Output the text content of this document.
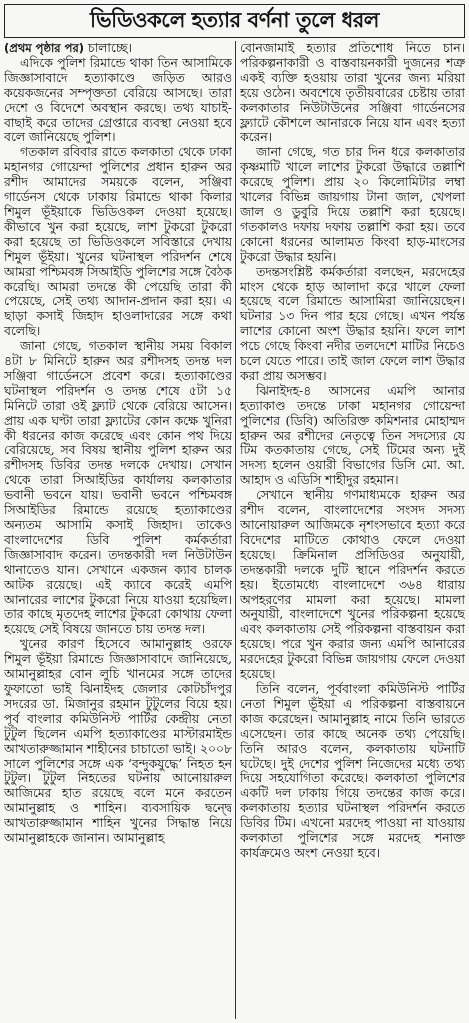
ভিডিওকলে হত্যার বর্ণনা তুলে ধরল

(প্রথম পৃষ্ঠার পর) চালাচ্ছে।

এদিকে পুলিশ রিমান্ডে থাকা তিন আসামিকে জিজ্ঞাসাবাদে হত্যাকাণ্ডে জড়িত আরও কয়েকজনের সম্পৃক্ততা বেরিয়ে আসছে। তারা দেশে ও বিদেশে অবস্থান করছে। তথ্য যাচাই-বাছাই করে তাদের গ্রেপ্তারে ব্যবস্থা নেওয়া হবে বলে জানিয়েছে পুলিশ।

গতকাল রবিবার রাতে কলকাতা থেকে ঢাকা মহানগর গোয়েন্দা পুলিশের প্রধান হারুন অর রশীদ আমাদের সময়কে বলেন, সঞ্জিবা গার্ডেনস থেকে ঢাকায় রিমান্ডে থাকা কিলার শিমুল ভূঁইয়াকে ভিডিওকল দেওয়া হয়েছে। কীভাবে খুন করা হয়েছে, লাশ টুকরো টুকরো করা হয়েছে তা ভিডিওকলে সবিস্তারে দেখায় শিমুল ভূঁইয়া। খুনের ঘটনাস্থল পরিদর্শন শেষে আমরা পশ্চিমবঙ্গ সিআইডি পুলিশের সঙ্গে বৈঠক করেছি। আমরা তদন্তে কী পেয়েছি তারা কী পেয়েছে, সেই তথ্য আদান-প্রদান করা হয়। এ ছাড়া কসাই জিহাদ হাওলাদারের সঙ্গে কথা বলেছি।

জানা গেছে, গতকাল স্থানীয় সময় বিকাল ৪টা ৮ মিনিটে হারুন অর রশীদসহ তদন্ত দল সঞ্জিবা গার্ডেনসে প্রবেশ করে। হত্যাকাণ্ডের ঘটনাস্থল পরিদর্শন ও তদন্ত শেষে ৫টা ১৫ মিনিটে তারা ওই ফ্ল্যাট থেকে বেরিয়ে আসেন। প্রায় এক ঘণ্টা তারা ফ্ল্যাটের কোন কক্ষে খুনিরা কী ধরনের কাজ করেছে এবং কোন পথ দিয়ে বেরিয়েছে, সব বিষয় স্থানীয় পুলিশ হারুন অর রশীদসহ ডিবির তদন্ত দলকে দেখায়। সেখান থেকে তারা সিআইডির কার্যালয় কলকাতার ভবানী ভবনে যায়। ভবানী ভবনে পশ্চিমবঙ্গ সিআইডির রিমান্ডে রয়েছে হত্যাকাণ্ডের অন্যতম আসামি কসাই জিহাদ। তাকেও বাংলাদেশের ডিবি পুলিশ কর্মকর্তারা জিজ্ঞাসাবাদ করেন। তদন্তকারী দল নিউটাউন থানাতেও যান। সেখানে একজন ক্যাব চালক আটক রয়েছে। এই ক্যাবে করেই এমপি আনারের লাশের টুকরো নিয়ে যাওয়া হয়েছিল। তার কাছে মৃতদেহ লাশের টুকরো কোথায় ফেলা হয়েছে সেই বিষয়ে জানতে চায় তদন্ত দল।

খুনের কারণ হিসেবে আমানুল্লাহ ওরফে শিমুল ভূঁইয়া রিমান্ডে জিজ্ঞাসাবাদে জানিয়েছে, আমানুল্লাহর বোন লুচি খানমের সঙ্গে তাদের ফুফাতো ভাই ঝিনাইদহ জেলার কোটচাঁদপুর সদরের ডা. মিজানুর রহমান টুটুলের বিয়ে হয়। পূর্ব বাংলার কমিউনিস্ট পার্টির কেন্দ্রীয় নেতা টুটুল ছিলেন এমপি হত্যাকাণ্ডের মাস্টারমাইন্ড আখতারুজ্জামান শাহীনের চাচাতো ভাই। ২০০৮ সালে পুলিশের সঙ্গে এক ‘বন্দুকযুদ্ধে’ নিহত হন টুটুল। টুটুল নিহতের ঘটনায় আনোয়ারুল আজিমের হাত রয়েছে বলে মনে করতেন আমানুল্লাহ ও শাহিন। ব্যবসায়িক দ্বন্দ্বে আখতারুজ্জামান শাহিন খুনের সিদ্ধান্ত নিয়ে আমানুল্লাহকে জানান। আমানুল্লাহ

বোনজামাই হত্যার প্রতিশোধ নিতে চান। পরিকল্পনাকারী ও বাস্তবায়নকারী দুজনের শত্রু একই ব্যক্তি হওয়ায় তারা খুনের জন্য মরিয়া হয়ে ওঠেন। অবশেষে তৃতীয়বারের চেষ্টায় তারা কলকাতার নিউটাউনের সঞ্জিবা গার্ডেনসের ফ্ল্যাটে কৌশলে আনারকে নিয়ে যান এবং হত্যা করেন।

জানা গেছে, গত চার দিন ধরে কলকাতার কৃষ্ণমাটি খালে লাশের টুকরো উদ্ধারে তল্লাশি করেছে পুলিশ। প্রায় ২০ কিলোমিটার লম্বা খালের বিভিন্ন জায়গায় টানা জাল, খেপলা জাল ও ডুবুরি দিয়ে তল্লাশি করা হয়েছে। গতকালও দফায় দফায় তল্লাশি করা হয়। তবে কোনো ধরনের আলামত কিংবা হাড়-মাংসের টুকরো উদ্ধার হয়নি।

তদন্তসংশ্লিষ্ট কর্মকর্তারা বলছেন, মরদেহের মাংস থেকে হাড় আলাদা করে খালে ফেলা হয়েছে বলে রিমান্ডে আসামিরা জানিয়েছেন। ঘটনার ১৩ দিন পার হয়ে গেছে। এখন পর্যন্ত লাশের কোনো অংশ উদ্ধার হয়নি। ফলে লাশ পচে গেছে কিংবা নদীর তলদেশে মাটির নিচেও চলে যেতে পারে। তাই জাল ফেলে লাশ উদ্ধার করা প্রায় অসম্ভব।

ঝিনাইদহ-৪ আসনের এমপি আনার হত্যাকাণ্ড তদন্তে ঢাকা মহানগর গোয়েন্দা পুলিশের (ডিবি) অতিরিক্ত কমিশনার মোহাম্মদ হারুন অর রশীদের নেতৃত্বে তিন সদস্যের যে টিম কতকাতায় গেছে, সেই টিমের অন্য দুই সদস্য হলেন ওয়ারী বিভাগের ডিসি মো. আ. আহাদ ও এডিসি শাহীদুর রহমান।

সেখানে স্থানীয় গণমাধ্যমকে হারুন অর রশীদ বলেন, বাংলাদেশের সংসদ সদস্য আনোয়ারুল আজিমকে নৃশংসভাবে হত্যা করে বিদেশের মাটিতে কোথাও ফেলে দেওয়া হয়েছে। ক্রিমিনাল প্রসিডিওর অনুযায়ী, তদন্তকারী দলকে দুটি স্থানে পরিদর্শন করতে হয়। ইতোমধ্যে বাংলাদেশে ৩৬৪ ধারায় অপহরণের মামলা করা হয়েছে। মামলা অনুযায়ী, বাংলাদেশে খুনের পরিকল্পনা হয়েছে এবং কলকাতায় সেই পরিকল্পনা বাস্তবায়ন করা হয়েছে। পরে খুন করার জন্য এমপি আনারের মরদেহের টুকরো বিভিন্ন জায়গায় ফেলে দেওয়া হয়েছে।

তিনি বলেন, পূর্ববাংলা কমিউনিস্ট পার্টির নেতা শিমুল ভূঁইয়া এ পরিকল্পনা বাস্তবায়নে কাজ করেছেন। আমানুল্লাহ নামে তিনি ভারতে এসেছেন। তার কাছে অনেক তথ্য পেয়েছি। তিনি আরও বলেন, কলকাতায় ঘটনাটি ঘটেছে। দুই দেশের পুলিশ নিজেদের মধ্যে তথ্য দিয়ে সহযোগিতা করেছে। কলকাতা পুলিশের একটি দল ঢাকায় গিয়ে তদন্তের কাজ করে। কলকাতায় হত্যার ঘটনাস্থল পরিদর্শন করতে ডিবির টিম। এখনো মরদেহ পাওয়া না যাওয়ায় কলকাতা পুলিশের সঙ্গে মরদেহ শনাক্ত কার্যক্রমেও অংশ নেওয়া হবে।
